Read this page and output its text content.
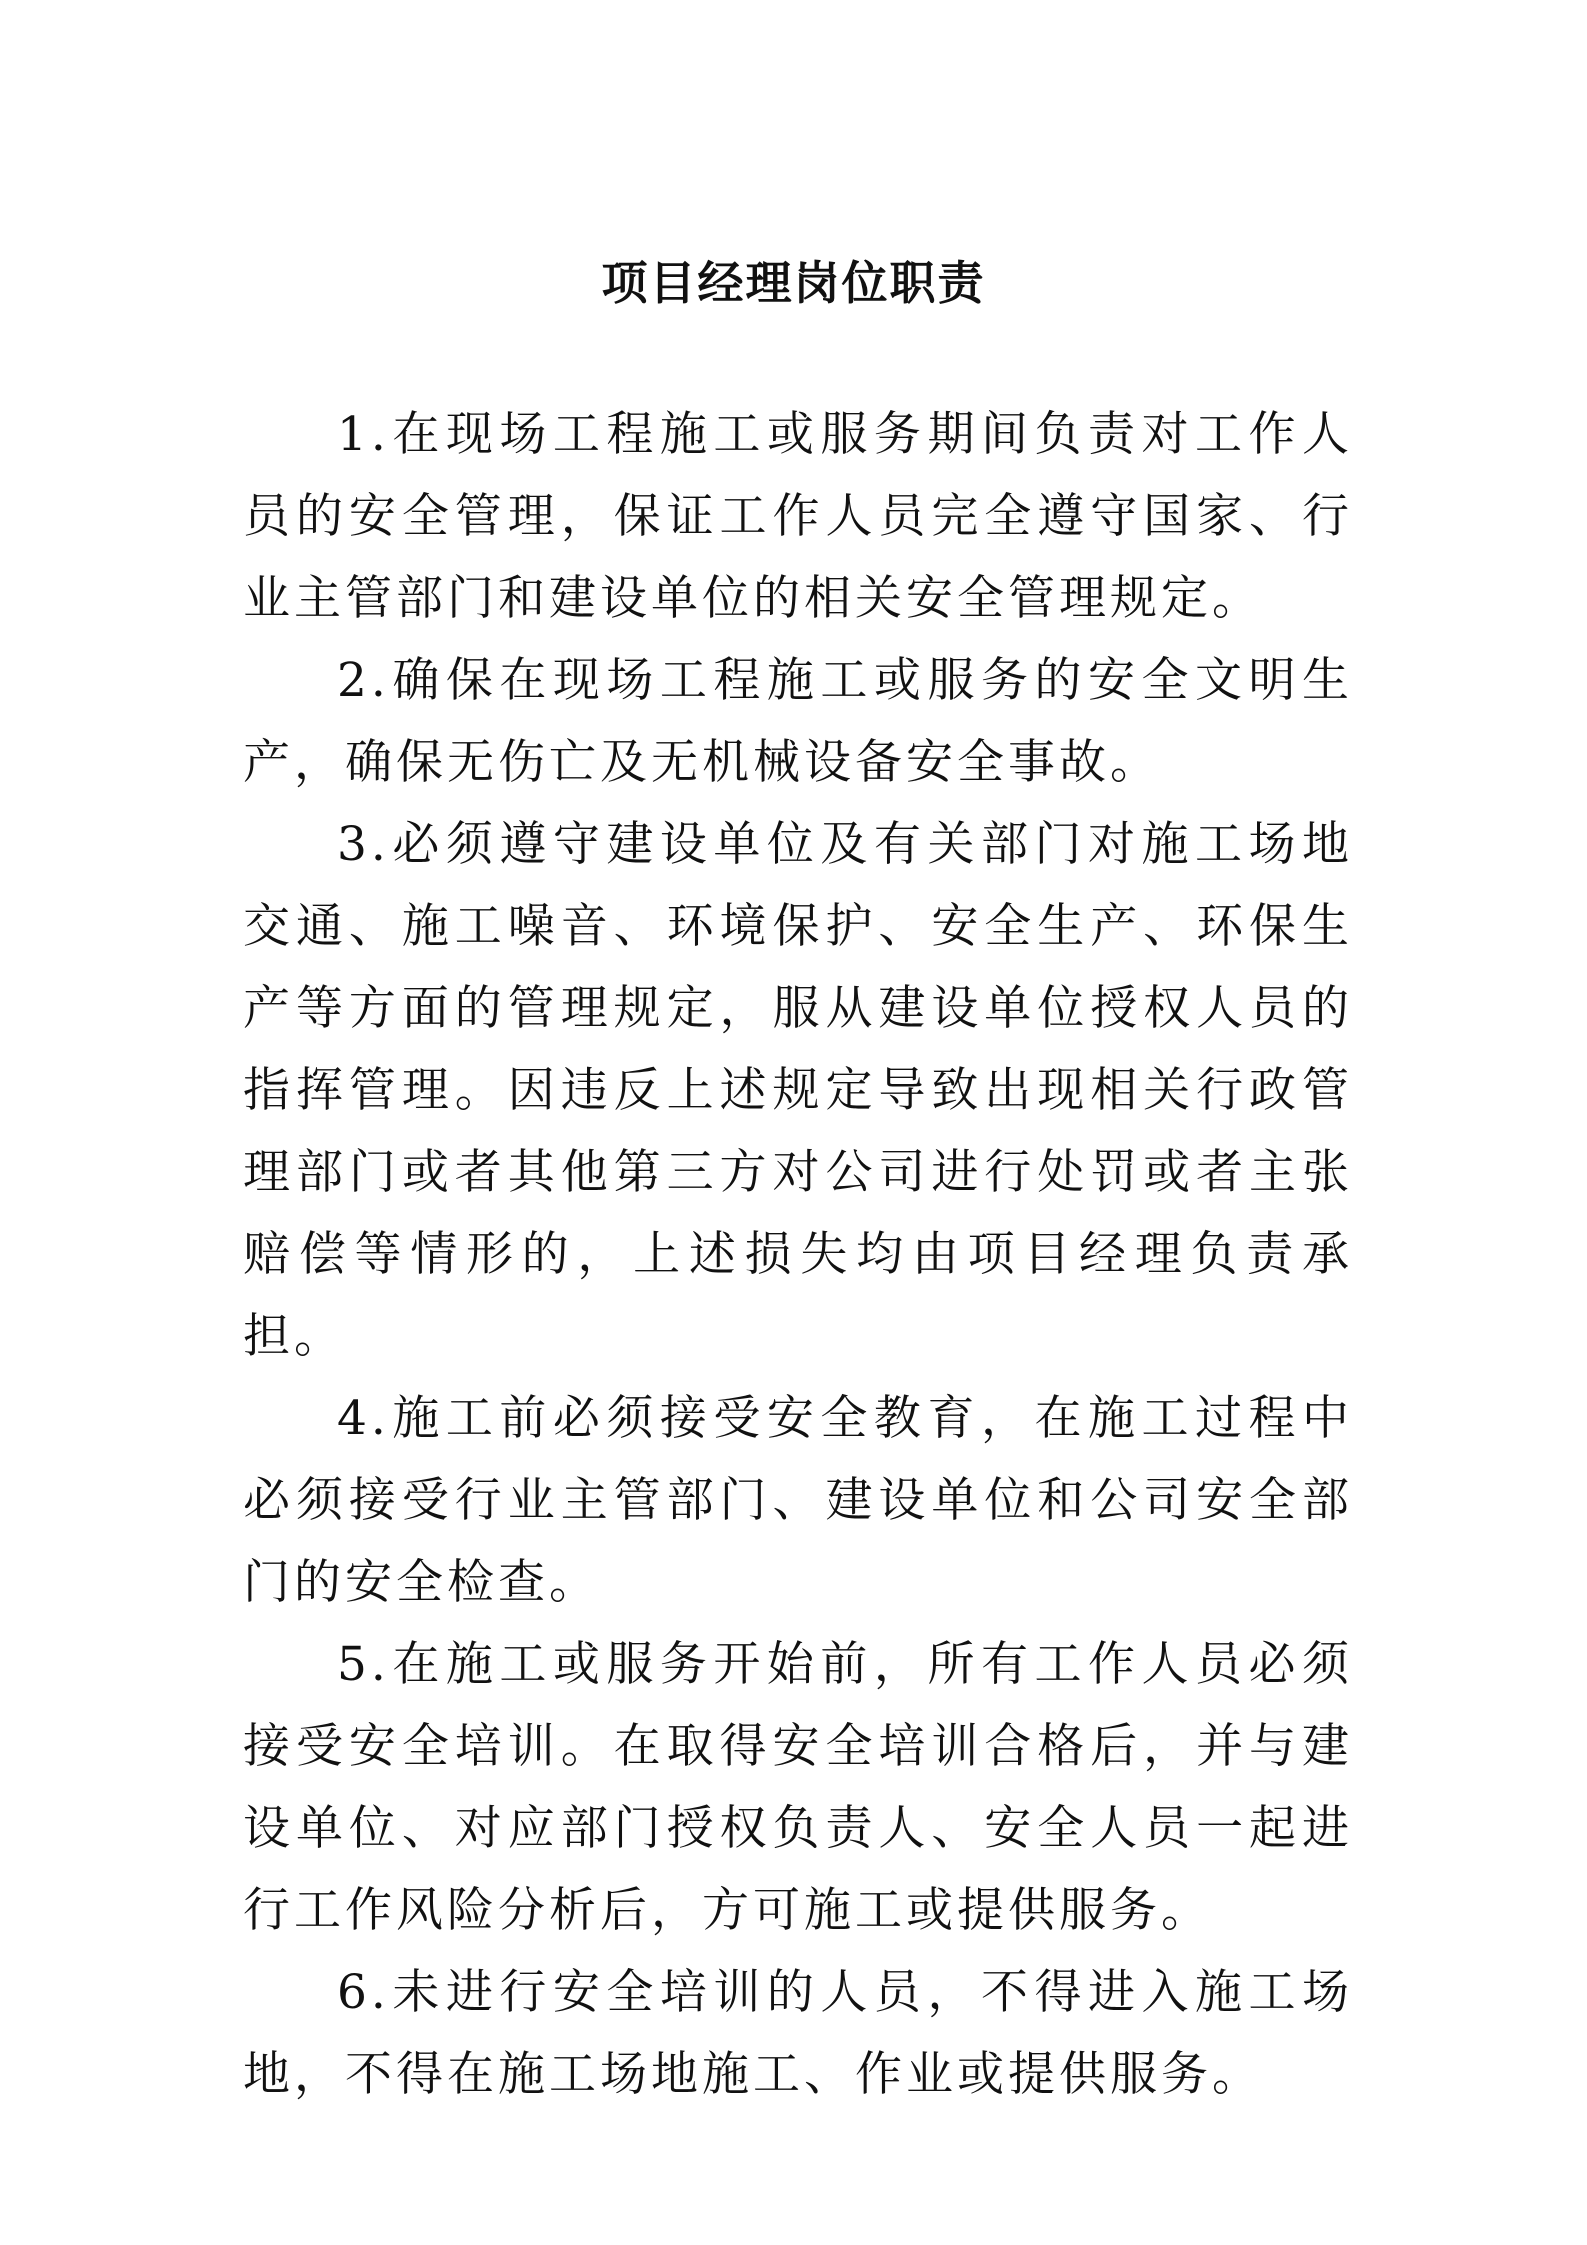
项目经理岗位职责

1.在现场工程施工或服务期间负责对工作人员的安全管理，保证工作人员完全遵守国家、行业主管部门和建设单位的相关安全管理规定。

2.确保在现场工程施工或服务的安全文明生产，确保无伤亡及无机械设备安全事故。

3.必须遵守建设单位及有关部门对施工场地交通、施工噪音、环境保护、安全生产、环保生产等方面的管理规定，服从建设单位授权人员的指挥管理。因违反上述规定导致出现相关行政管理部门或者其他第三方对公司进行处罚或者主张赔偿等情形的，上述损失均由项目经理负责承担。

4.施工前必须接受安全教育，在施工过程中必须接受行业主管部门、建设单位和公司安全部门的安全检查。

5.在施工或服务开始前，所有工作人员必须接受安全培训。在取得安全培训合格后，并与建设单位、对应部门授权负责人、安全人员一起进行工作风险分析后，方可施工或提供服务。

6.未进行安全培训的人员，不得进入施工场地，不得在施工场地施工、作业或提供服务。
